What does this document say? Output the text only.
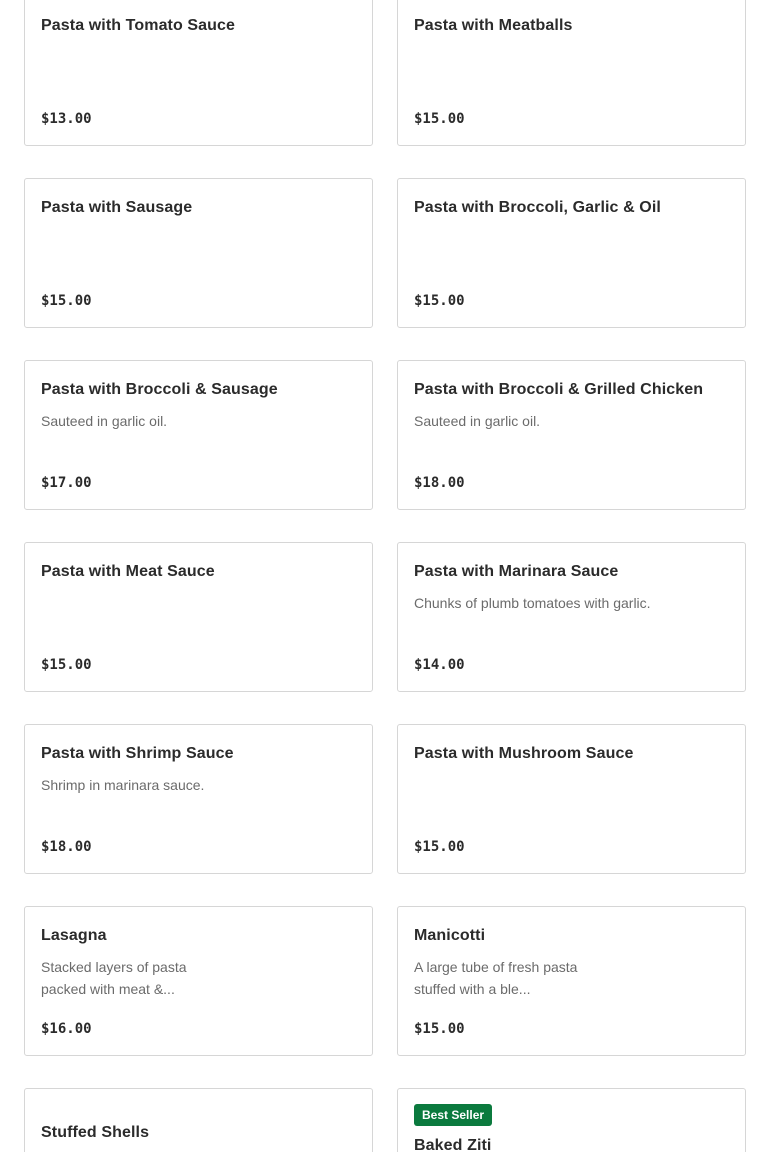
Pasta with Tomato Sauce
$13.00
Pasta with Meatballs
$15.00
Pasta with Sausage
$15.00
Pasta with Broccoli, Garlic & Oil
$15.00
Pasta with Broccoli & Sausage
Sauteed in garlic oil.
$17.00
Pasta with Broccoli & Grilled Chicken
Sauteed in garlic oil.
$18.00
Pasta with Meat Sauce
$15.00
Pasta with Marinara Sauce
Chunks of plumb tomatoes with garlic.
$14.00
Pasta with Shrimp Sauce
Shrimp in marinara sauce.
$18.00
Pasta with Mushroom Sauce
$15.00
Lasagna
Stacked layers of pasta packed with meat &...
$16.00
Manicotti
A large tube of fresh pasta stuffed with a ble...
$15.00
Stuffed Shells
Best Seller
Baked Ziti
